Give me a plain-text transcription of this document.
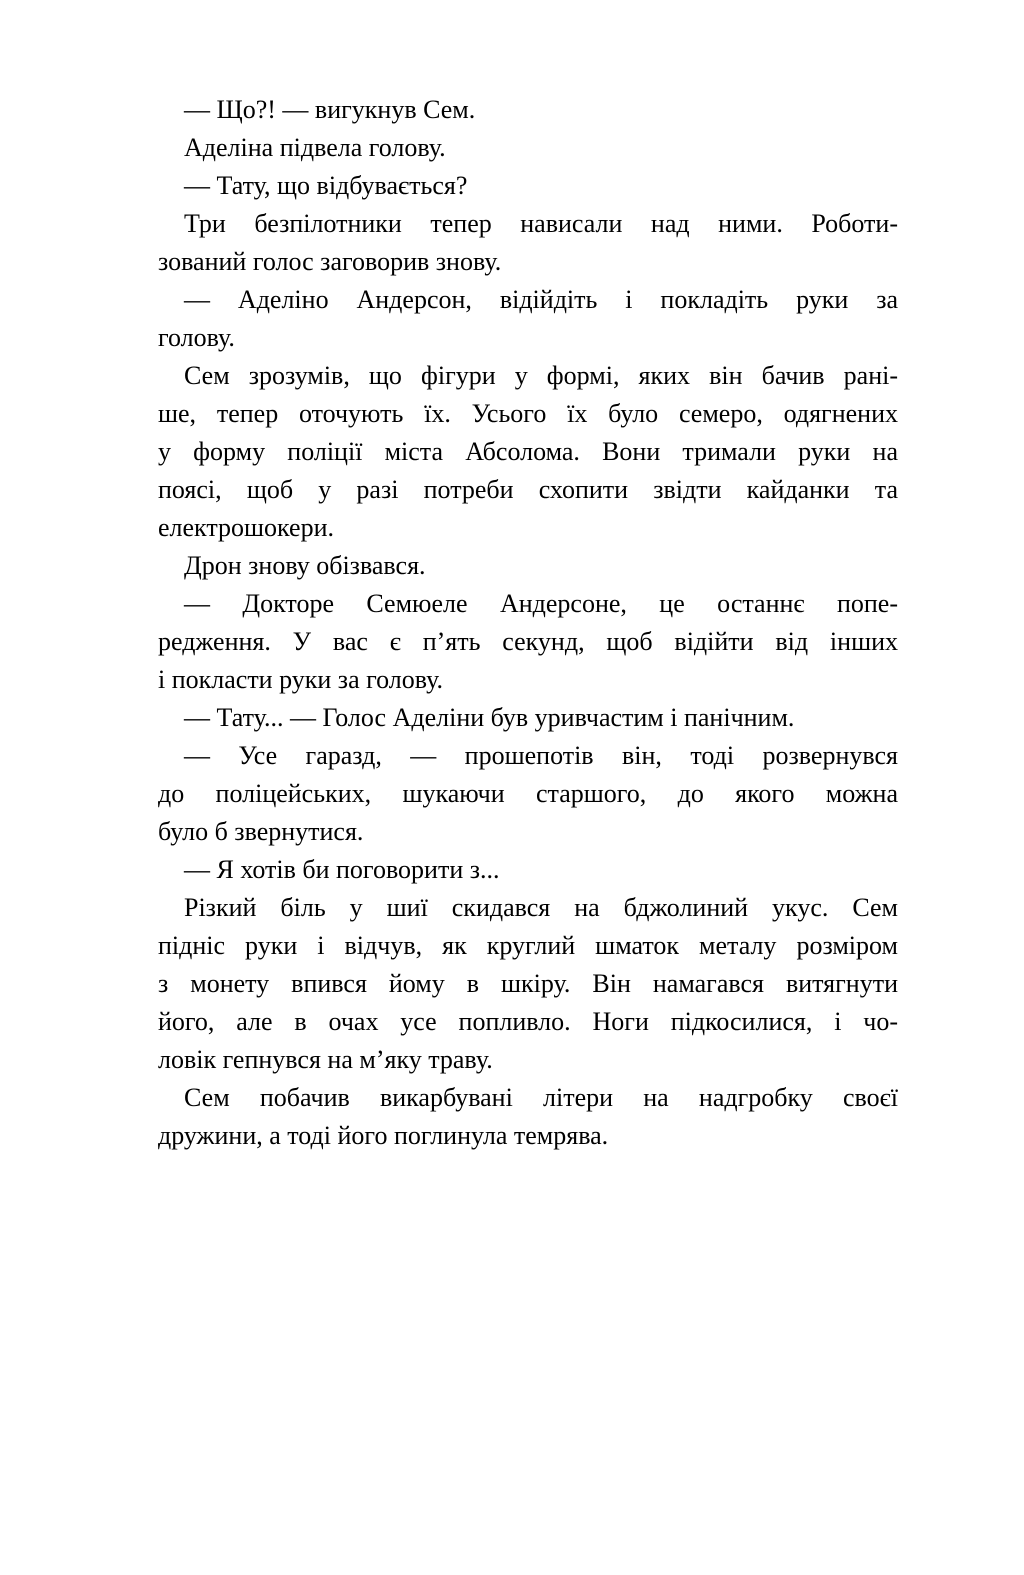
— Що?! — вигукнув Сем.
Аделіна підвела голову.
— Тату, що відбувається?
Три безпілотники тепер нависали над ними. Роботи-
зований голос заговорив знову.
— Аделіно Андерсон, відійдіть і покладіть руки за
голову.
Сем зрозумів, що фігури у формі, яких він бачив рані-
ше, тепер оточують їх. Усього їх було семеро, одягнених
у форму поліції міста Абсолома. Вони тримали руки на
поясі, щоб у разі потреби схопити звідти кайданки та
електрошокери.
Дрон знову обізвався.
— Докторе Семюеле Андерсоне, це останнє попе-
редження. У вас є п’ять секунд, щоб відійти від інших
і покласти руки за голову.
— Тату... — Голос Аделіни був уривчастим і панічним.
— Усе гаразд, — прошепотів він, тоді розвернувся
до поліцейських, шукаючи старшого, до якого можна
було б звернутися.
— Я хотів би поговорити з...
Різкий біль у шиї скидався на бджолиний укус. Сем
підніс руки і відчув, як круглий шматок металу розміром
з монету впився йому в шкіру. Він намагався витягнути
його, але в очах усе попливло. Ноги підкосилися, і чо-
ловік гепнувся на м’яку траву.
Сем побачив викарбувані літери на надгробку своєї
дружини, а тоді його поглинула темрява.
